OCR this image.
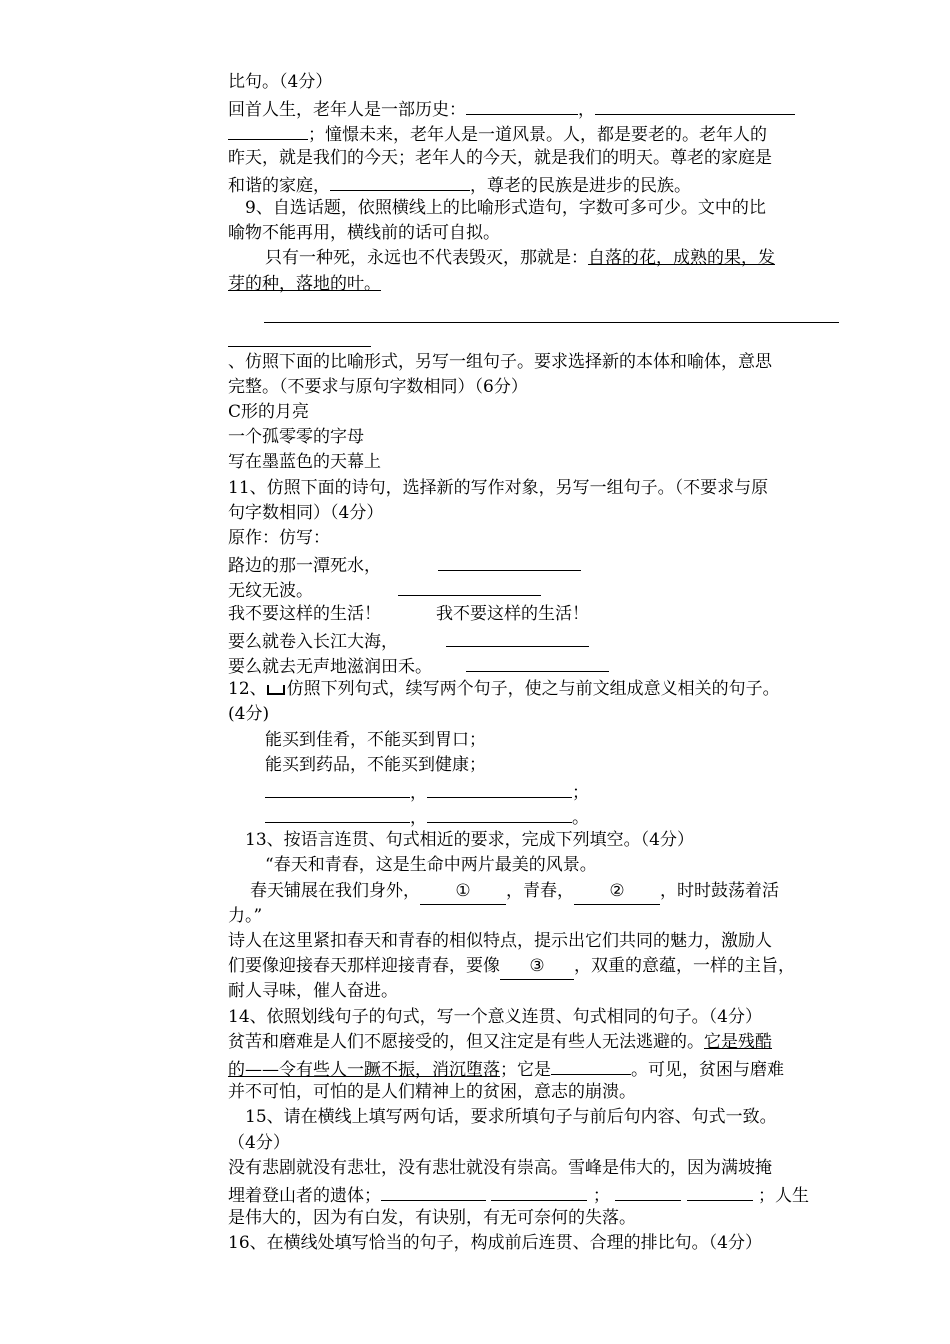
比句。（4分）
回首人生，老年人是一部历史：	，
；憧憬未来，老年人是一道风景。人，都是要老的。老年人的
昨天，就是我们的今天；老年人的今天，就是我们的明天。尊老的家庭是
和谐的家庭，	，尊老的民族是进步的民族。
9、自选话题，依照横线上的比喻形式造句，字数可多可少。文中的比
喻物不能再用，横线前的话可自拟。
只有一种死，永远也不代表毁灭，那就是：自落的花，成熟的果，发
芽的种，落地的叶。
、仿照下面的比喻形式，另写一组句子。要求选择新的本体和喻体，意思
完整。（不要求与原句字数相同）（6分）
C形的月亮
一个孤零零的字母
写在墨蓝色的天幕上
11、仿照下面的诗句，选择新的写作对象，另写一组句子。（不要求与原
句字数相同）（4分）
原作：仿写：
路边的那一潭死水，
无纹无波。
我不要这样的生活！	我不要这样的生活！
要么就卷入长江大海，
要么就去无声地滋润田禾。
12、 仿照下列句式，续写两个句子，使之与前文组成意义相关的句子。
(4分)
能买到佳肴，不能买到胃口；
能买到药品，不能买到健康；
，	；
，	。
13、按语言连贯、句式相近的要求，完成下列填空。（4分）
“春天和青春，这是生命中两片最美的风景。
春天铺展在我们身外， ① ，青春， ② ，时时鼓荡着活
力。”
诗人在这里紧扣春天和青春的相似特点，提示出它们共同的魅力，激励人
们要像迎接春天那样迎接青春，要像 ③ ，双重的意蕴，一样的主旨，
耐人寻味，催人奋进。
14、依照划线句子的句式，写一个意义连贯、句式相同的句子。（4分）
贫苦和磨难是人们不愿接受的，但又注定是有些人无法逃避的。它是残酷
的——令有些人一蹶不振，消沉堕落；它是	。可见，贫困与磨难
并不可怕，可怕的是人们精神上的贫困，意志的崩溃。
15、请在横线上填写两句话，要求所填句子与前后句内容、句式一致。
（4分）
没有悲剧就没有悲壮，没有悲壮就没有崇高。雪峰是伟大的，因为满坡掩
埋着登山者的遗体；	；	；人生
是伟大的，因为有白发，有诀别，有无可奈何的失落。
16、在横线处填写恰当的句子，构成前后连贯、合理的排比句。（4分）
